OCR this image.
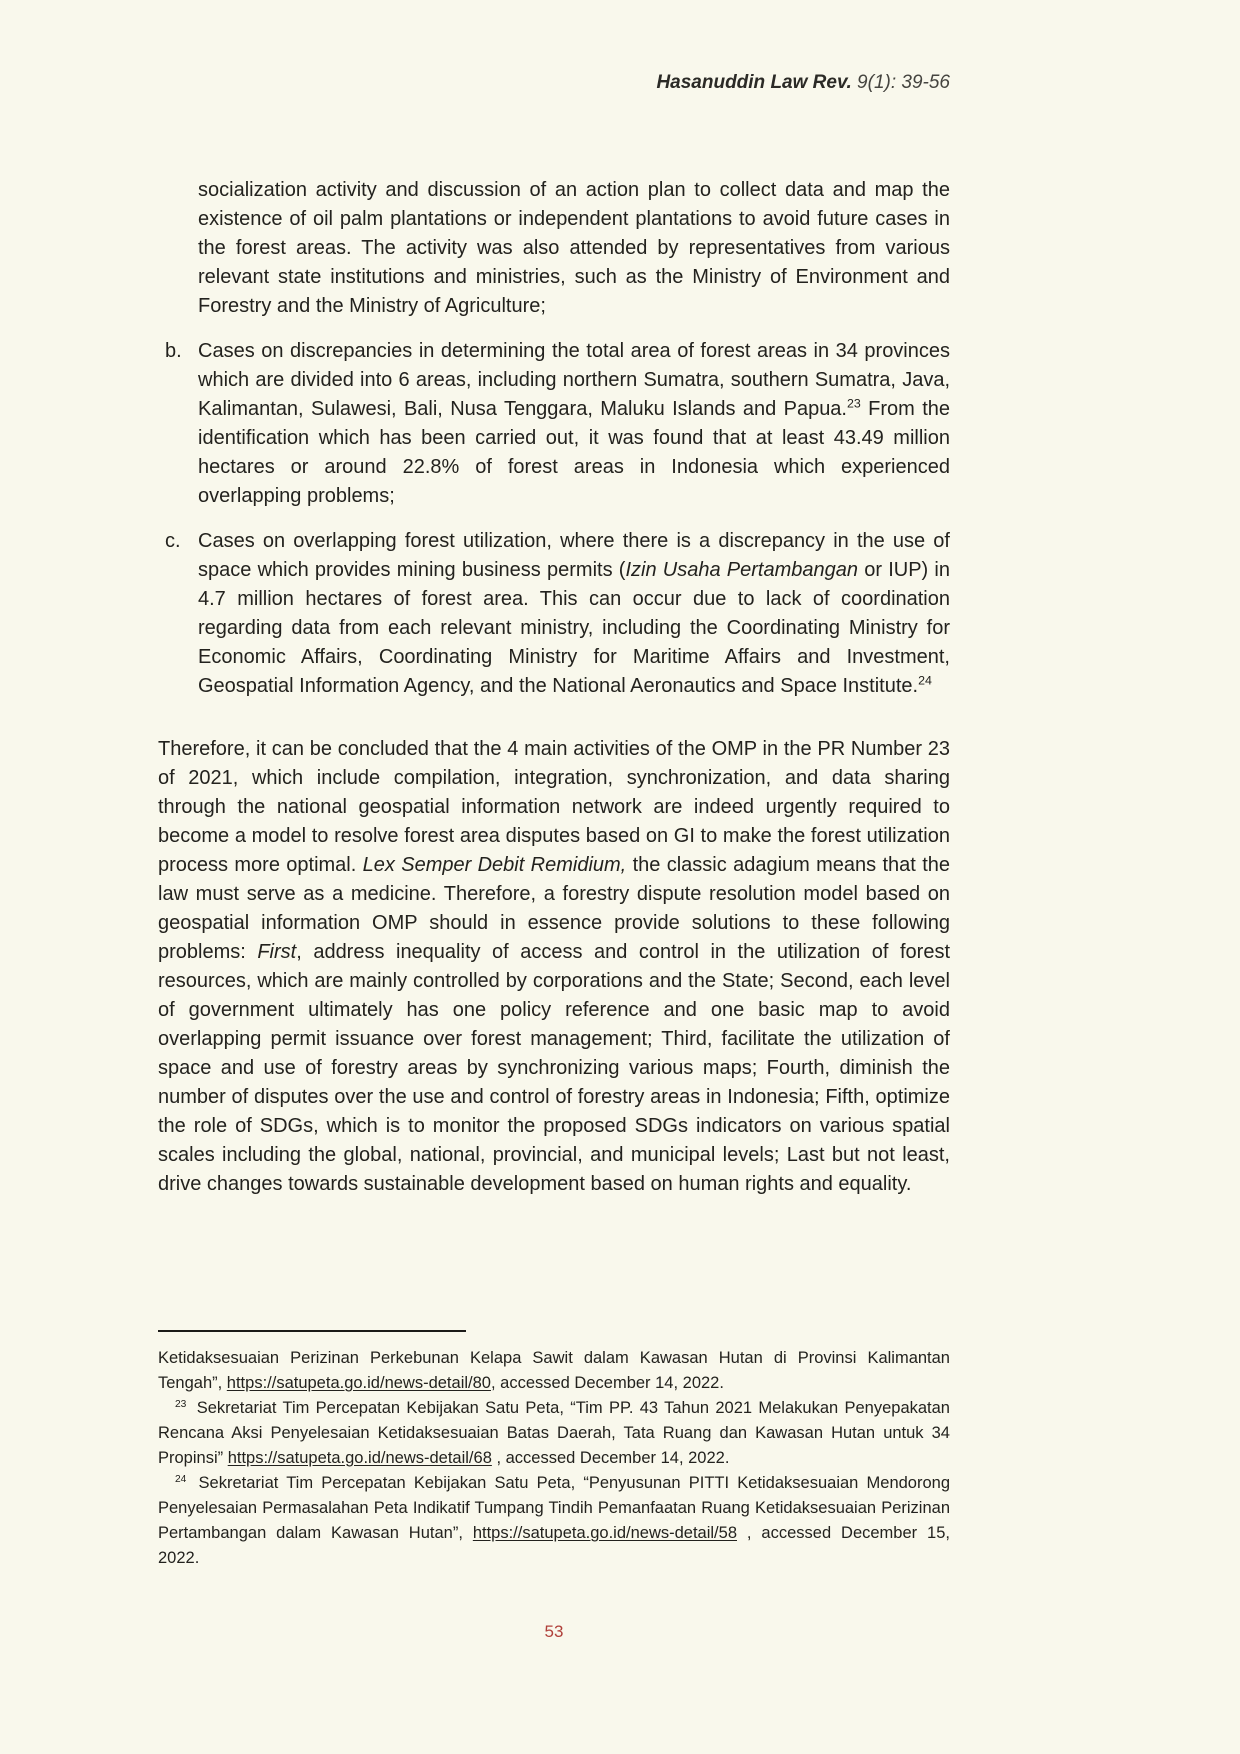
Hasanuddin Law Rev. 9(1): 39-56

socialization activity and discussion of an action plan to collect data and map the existence of oil palm plantations or independent plantations to avoid future cases in the forest areas. The activity was also attended by representatives from various relevant state institutions and ministries, such as the Ministry of Environment and Forestry and the Ministry of Agriculture;

b. Cases on discrepancies in determining the total area of forest areas in 34 provinces which are divided into 6 areas, including northern Sumatra, southern Sumatra, Java, Kalimantan, Sulawesi, Bali, Nusa Tenggara, Maluku Islands and Papua.$^{23}$ From the identification which has been carried out, it was found that at least 43.49 million hectares or around 22.8% of forest areas in Indonesia which experienced overlapping problems;

c. Cases on overlapping forest utilization, where there is a discrepancy in the use of space which provides mining business permits (Izin Usaha Pertambangan or IUP) in 4.7 million hectares of forest area. This can occur due to lack of coordination regarding data from each relevant ministry, including the Coordinating Ministry for Economic Affairs, Coordinating Ministry for Maritime Affairs and Investment, Geospatial Information Agency, and the National Aeronautics and Space Institute.$^{24}$

Therefore, it can be concluded that the 4 main activities of the OMP in the PR Number 23 of 2021, which include compilation, integration, synchronization, and data sharing through the national geospatial information network are indeed urgently required to become a model to resolve forest area disputes based on GI to make the forest utilization process more optimal. Lex Semper Debit Remidium, the classic adagium means that the law must serve as a medicine. Therefore, a forestry dispute resolution model based on geospatial information OMP should in essence provide solutions to these following problems: First, address inequality of access and control in the utilization of forest resources, which are mainly controlled by corporations and the State; Second, each level of government ultimately has one policy reference and one basic map to avoid overlapping permit issuance over forest management; Third, facilitate the utilization of space and use of forestry areas by synchronizing various maps; Fourth, diminish the number of disputes over the use and control of forestry areas in Indonesia; Fifth, optimize the role of SDGs, which is to monitor the proposed SDGs indicators on various spatial scales including the global, national, provincial, and municipal levels; Last but not least, drive changes towards sustainable development based on human rights and equality.

Ketidaksesuaian Perizinan Perkebunan Kelapa Sawit dalam Kawasan Hutan di Provinsi Kalimantan Tengah”, https://satupeta.go.id/news-detail/80, accessed December 14, 2022.

$^{23}$ Sekretariat Tim Percepatan Kebijakan Satu Peta, “Tim PP. 43 Tahun 2021 Melakukan Penyepakatan Rencana Aksi Penyelesaian Ketidaksesuaian Batas Daerah, Tata Ruang dan Kawasan Hutan untuk 34 Propinsi” https://satupeta.go.id/news-detail/68 , accessed December 14, 2022.

$^{24}$ Sekretariat Tim Percepatan Kebijakan Satu Peta, “Penyusunan PITTI Ketidaksesuaian Mendorong Penyelesaian Permasalahan Peta Indikatif Tumpang Tindih Pemanfaatan Ruang Ketidaksesuaian Perizinan Pertambangan dalam Kawasan Hutan”, https://satupeta.go.id/news-detail/58 , accessed December 15, 2022.

53
